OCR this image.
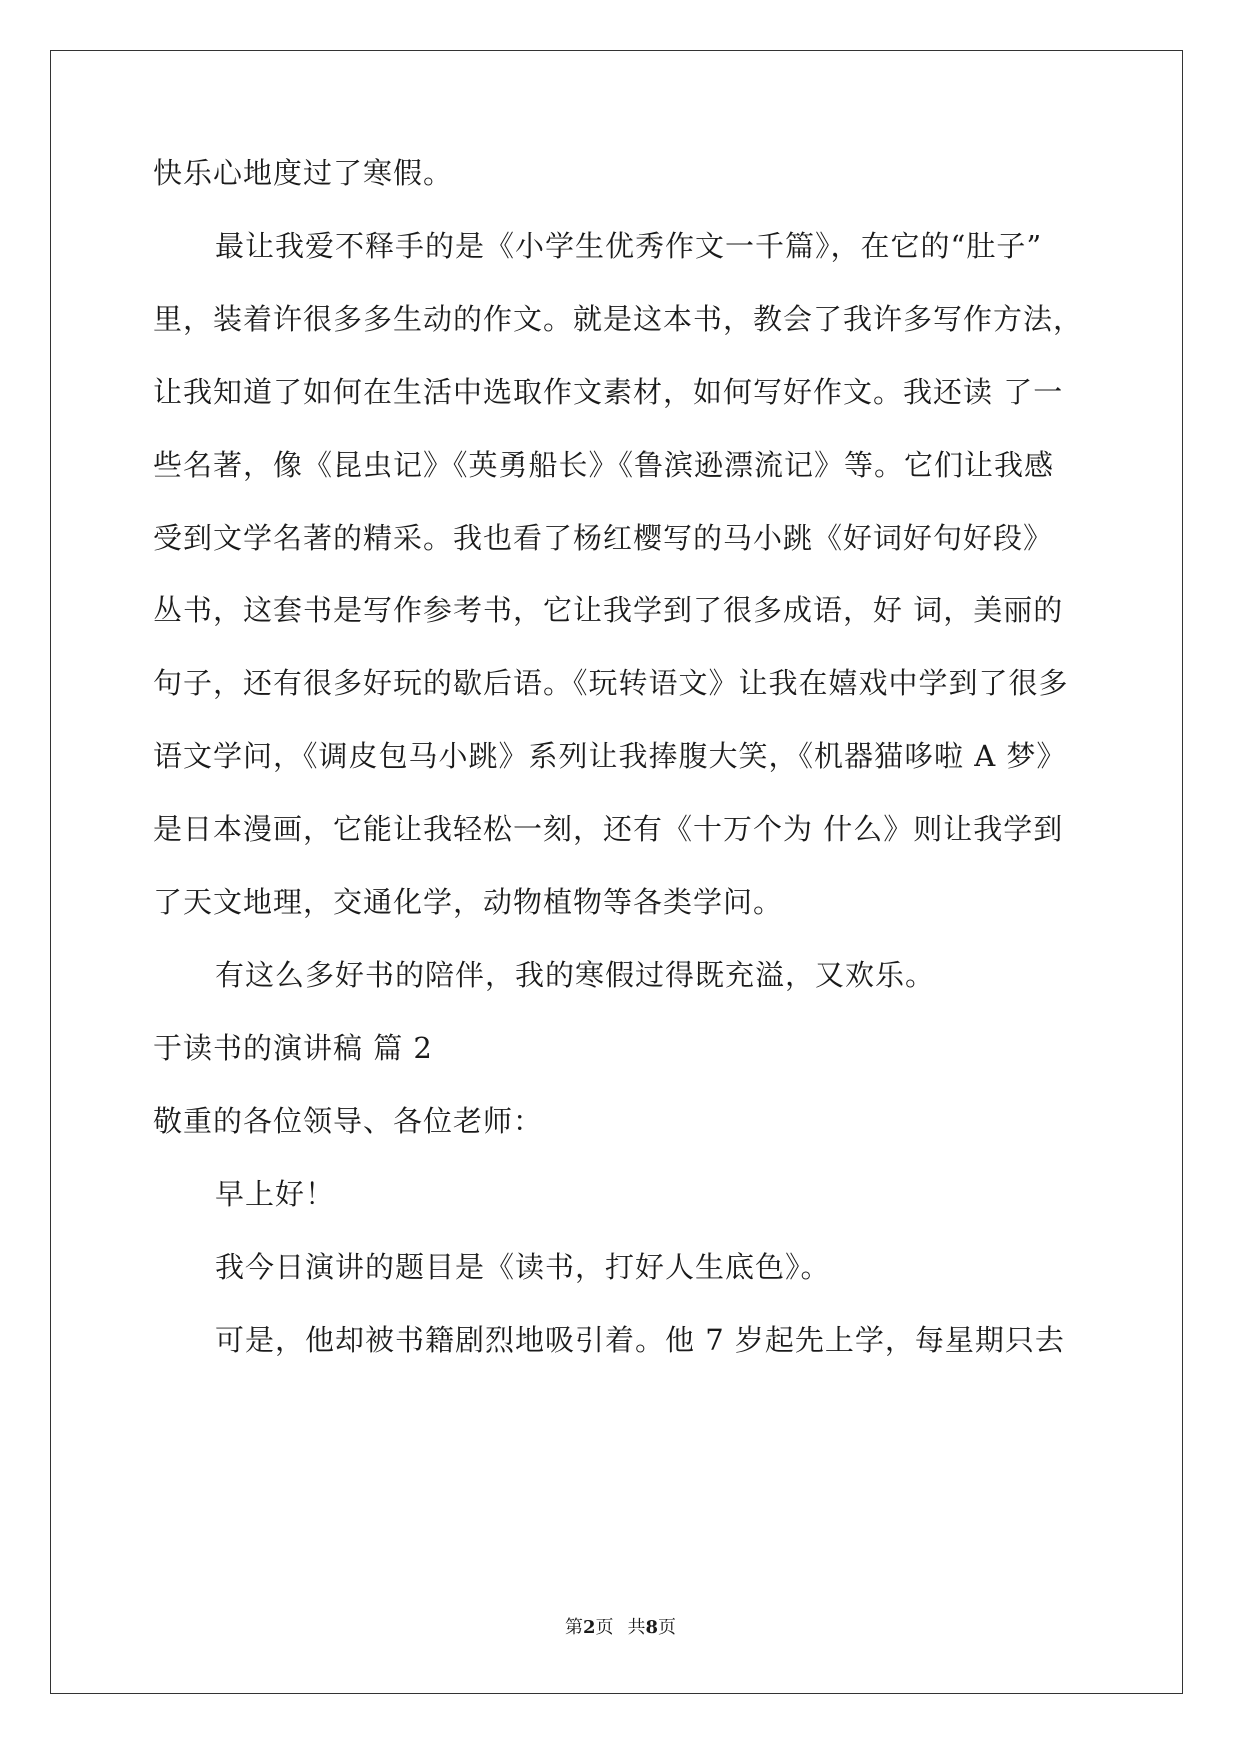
快乐心地度过了寒假。
最让我爱不释手的是《小学生优秀作文一千篇》，在它的“肚子”
里，装着许很多多生动的作文。就是这本书，教会了我许多写作方法，
让我知道了如何在生活中选取作文素材，如何写好作文。我还读 了一
些名著，像《昆虫记》《英勇船长》《鲁滨逊漂流记》等。它们让我感
受到文学名著的精采。我也看了杨红樱写的马小跳《好词好句好段》
丛书，这套书是写作参考书，它让我学到了很多成语，好 词，美丽的
句子，还有很多好玩的歇后语。《玩转语文》让我在嬉戏中学到了很多
语文学问，《调皮包马小跳》系列让我捧腹大笑，《机器猫哆啦 A 梦》
是日本漫画，它能让我轻松一刻，还有《十万个为 什么》则让我学到
了天文地理，交通化学，动物植物等各类学问。
有这么多好书的陪伴，我的寒假过得既充溢，又欢乐。
于读书的演讲稿 篇 2
敬重的各位领导、各位老师：
早上好！
我今日演讲的题目是《读书，打好人生底色》。
可是，他却被书籍剧烈地吸引着。他 7 岁起先上学，每星期只去
第2页 共8页
